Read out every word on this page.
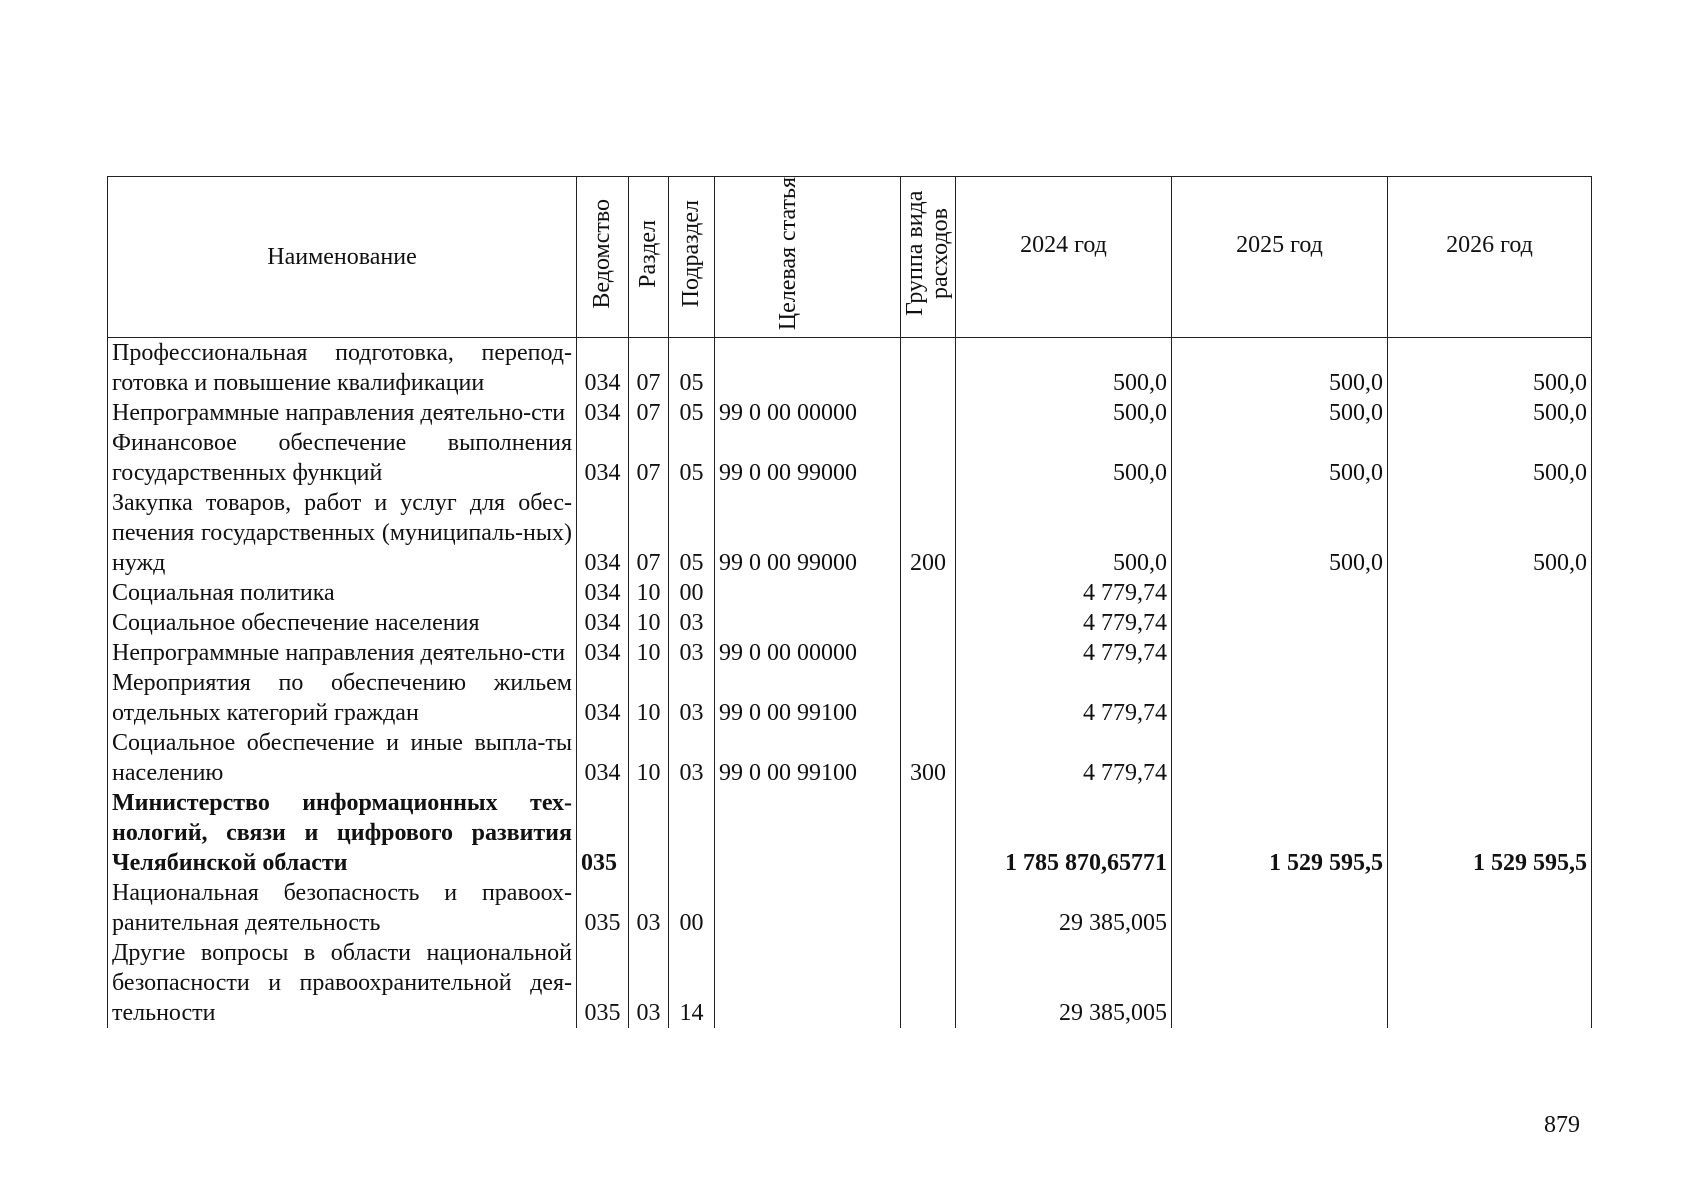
Наименование	Ведомство	Раздел	Подраздел	Целевая статья	Группа вида расходов	2024 год	2025 год	2026 год
Профессиональная подготовка, перепод-готовка и повышение квалификации	034	07	05			500,0	500,0	500,0
Непрограммные направления деятельно-сти	034	07	05	99 0 00 00000		500,0	500,0	500,0
Финансовое обеспечение выполнения государственных функций	034	07	05	99 0 00 99000		500,0	500,0	500,0
Закупка товаров, работ и услуг для обес-печения государственных (муниципаль-ных) нужд	034	07	05	99 0 00 99000	200	500,0	500,0	500,0
Социальная политика	034	10	00			4 779,74		
Социальное обеспечение населения	034	10	03			4 779,74		
Непрограммные направления деятельно-сти	034	10	03	99 0 00 00000		4 779,74		
Мероприятия по обеспечению жильем отдельных категорий граждан	034	10	03	99 0 00 99100		4 779,74		
Социальное обеспечение и иные выпла-ты населению	034	10	03	99 0 00 99100	300	4 779,74		
Министерство информационных тех-нологий, связи и цифрового развития Челябинской области	035					1 785 870,65771	1 529 595,5	1 529 595,5
Национальная безопасность и правоох-ранительная деятельность	035	03	00			29 385,005		
Другие вопросы в области национальной безопасности и правоохранительной дея-тельности	035	03	14			29 385,005		
879
